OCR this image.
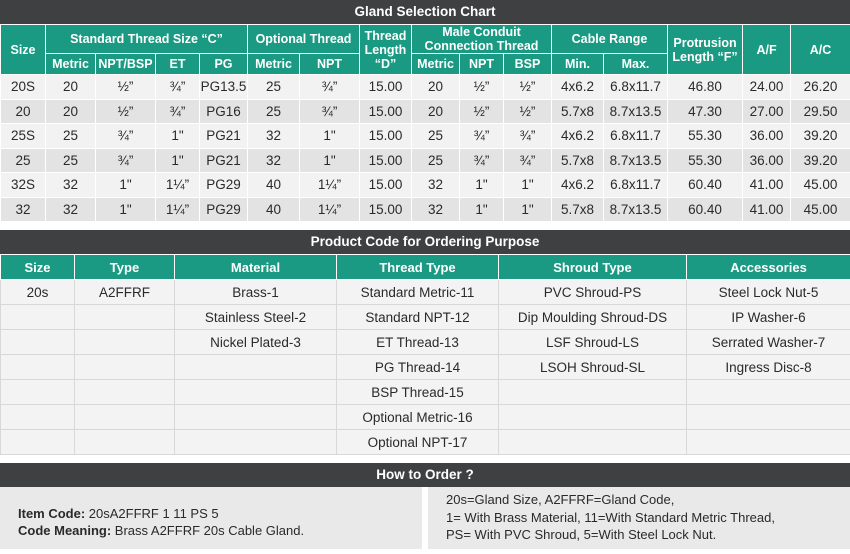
Gland Selection Chart
Size	Standard Thread Size “C”				Optional Thread		Thread Length “D”	Male Conduit Connection Thread			Cable Range		Protrusion Length “F”	A/F	A/C
	Metric	NPT/BSP	ET	PG	Metric	NPT		Metric	NPT	BSP	Min.	Max.			
20S	20	½”	¾”	PG13.5	25	¾”	15.00	20	½”	½”	4x6.2	6.8x11.7	46.80	24.00	26.20
20	20	½”	¾”	PG16	25	¾”	15.00	20	½”	½”	5.7x8	8.7x13.5	47.30	27.00	29.50
25S	25	¾”	1"	PG21	32	1"	15.00	25	¾”	¾”	4x6.2	6.8x11.7	55.30	36.00	39.20
25	25	¾”	1"	PG21	32	1"	15.00	25	¾”	¾”	5.7x8	8.7x13.5	55.30	36.00	39.20
32S	32	1"	1¼”	PG29	40	1¼”	15.00	32	1"	1"	4x6.2	6.8x11.7	60.40	41.00	45.00
32	32	1"	1¼”	PG29	40	1¼”	15.00	32	1"	1"	5.7x8	8.7x13.5	60.40	41.00	45.00
Product Code for Ordering Purpose
Size	Type	Material	Thread Type	Shroud Type	Accessories
20s	A2FFRF	Brass-1	Standard Metric-11	PVC Shroud-PS	Steel Lock Nut-5
		Stainless Steel-2	Standard NPT-12	Dip Moulding Shroud-DS	IP Washer-6
		Nickel Plated-3	ET Thread-13	LSF Shroud-LS	Serrated Washer-7
			PG Thread-14	LSOH Shroud-SL	Ingress Disc-8
			BSP Thread-15		
			Optional Metric-16		
			Optional NPT-17		
How to Order ?
Item Code: 20sA2FFRF 1 11 PS 5
Code Meaning: Brass A2FFRF 20s Cable Gland.
20s=Gland Size, A2FFRF=Gland Code,
1= With Brass Material, 11=With Standard Metric Thread,
PS= With PVC Shroud, 5=With Steel Lock Nut.
